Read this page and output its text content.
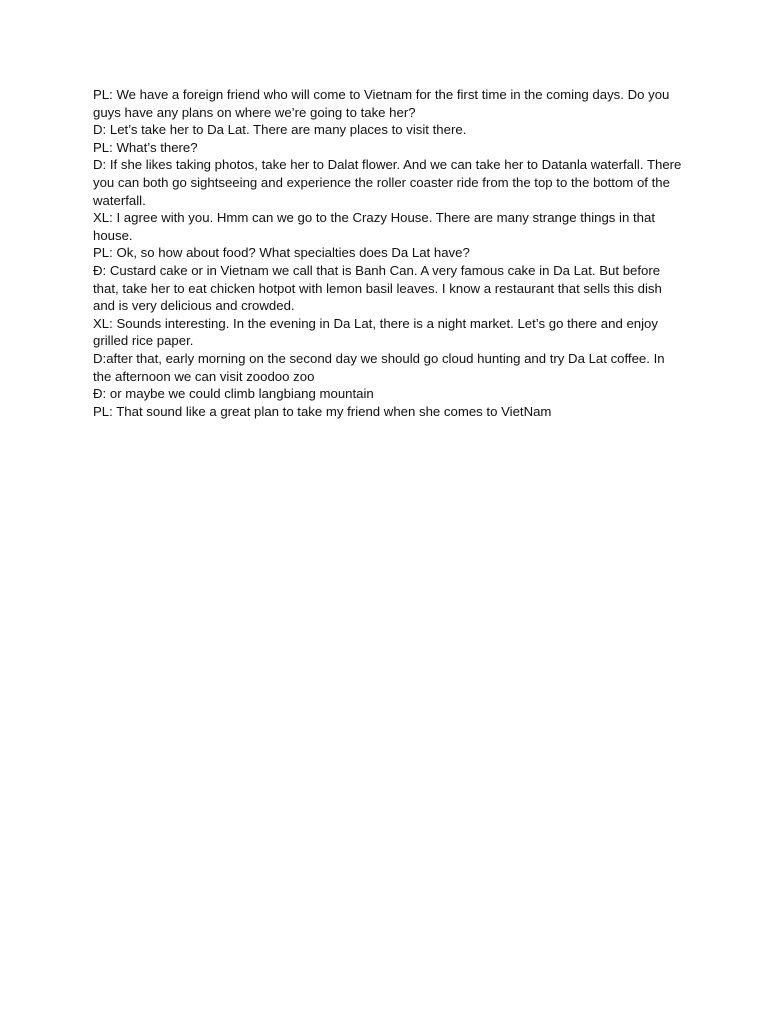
PL : We have a foreign friend who will come to Vietnam for the first time in the coming days. Do you guys have any plans on where we’re going to take her?

D : Let’s take her to Da Lat. There are many places to visit there.

PL : What’s there?

D : If she likes taking photos, take her to Dalat flower. And we can take her to Datanla waterfall. There you can both go sightseeing and experience the roller coaster ride from the top to the bottom of the waterfall.

XL : I agree with you. Hmm can we go to the Crazy House. There are many strange things in that house.

PL : Ok, so how about food? What specialties does Da Lat have?

Đ : Custard cake or in Vietnam we call that is Banh Can. A very famous cake in Da Lat. But before that, take her to eat chicken hotpot with lemon basil leaves. I know a restaurant that sells this dish and is very delicious and crowded.

XL : Sounds interesting. In the evening in Da Lat, there is a night market. Let’s go there and enjoy grilled rice paper.

D : after that, early morning on the second day we should go cloud hunting and try Da Lat coffee. In the afternoon we can visit zoodoo zoo

Đ : or maybe we could climb langbiang mountain

PL : That sound like a great plan to take my friend when she comes to VietNam
